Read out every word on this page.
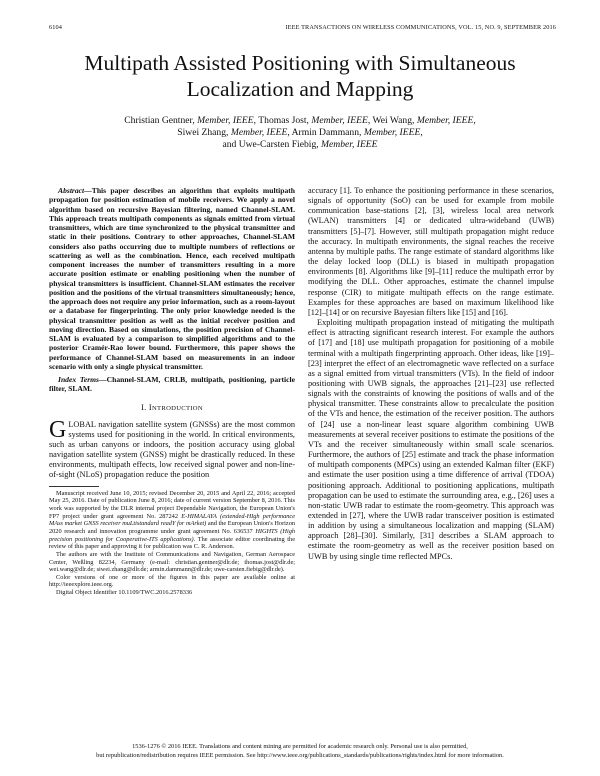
6104	IEEE TRANSACTIONS ON WIRELESS COMMUNICATIONS, VOL. 15, NO. 9, SEPTEMBER 2016
Multipath Assisted Positioning with Simultaneous
Localization and Mapping
Christian Gentner, Member, IEEE, Thomas Jost, Member, IEEE, Wei Wang, Member, IEEE,
Siwei Zhang, Member, IEEE, Armin Dammann, Member, IEEE,
and Uwe-Carsten Fiebig, Member, IEEE

Abstract—This paper describes an algorithm that exploits multipath propagation for position estimation of mobile receivers. We apply a novel algorithm based on recursive Bayesian filtering, named Channel-SLAM. This approach treats multipath components as signals emitted from virtual transmitters, which are time synchronized to the physical transmitter and static in their positions. Contrary to other approaches, Channel-SLAM considers also paths occurring due to multiple numbers of reflections or scattering as well as the combination. Hence, each received multipath component increases the number of transmitters resulting in a more accurate position estimate or enabling positioning when the number of physical transmitters is insufficient. Channel-SLAM estimates the receiver position and the positions of the virtual transmitters simultaneously; hence, the approach does not require any prior information, such as a room-layout or a database for fingerprinting. The only prior knowledge needed is the physical transmitter position as well as the initial receiver position and moving direction. Based on simulations, the position precision of Channel-SLAM is evaluated by a comparison to simplified algorithms and to the posterior Cramér-Rao lower bound. Furthermore, this paper shows the performance of Channel-SLAM based on measurements in an indoor scenario with only a single physical transmitter.

Index Terms—Channel-SLAM, CRLB, multipath, positioning, particle filter, SLAM.

I. INTRODUCTION

GLOBAL navigation satellite system (GNSSs) are the most common systems used for positioning in the world. In critical environments, such as urban canyons or indoors, the position accuracy using global navigation satellite system (GNSS) might be drastically reduced. In these environments, multipath effects, low received signal power and non-line-of-sight (NLoS) propagation reduce the position

Manuscript received June 10, 2015; revised December 20, 2015 and April 22, 2016; accepted May 25, 2016. Date of publication June 8, 2016; date of current version September 8, 2016. This work was supported by the DLR internal project Dependable Navigation, the European Union's FP7 project under grant agreement No. 287242 E-HIMALAYA (extended-HIgh performance MAss market GNSS receiver muLtistandard readY for mArket) and the European Union's Horizon 2020 research and innovation programme under grant agreement No. 636537 HIGHTS (High precision positioning for Cooperative-ITS applications). The associate editor coordinating the review of this paper and approving it for publication was C. R. Anderson.

The authors are with the Institute of Communications and Navigation, German Aerospace Center, Weßling 82234, Germany (e-mail: christian.gentner@dlr.de; thomas.jost@dlr.de; wei.wang@dlr.de; siwei.zhang@dlr.de; armin.dammann@dlr.de; uwe-carsten.fiebig@dlr.de).

Color versions of one or more of the figures in this paper are available online at http://ieeexplore.ieee.org.

Digital Object Identifier 10.1109/TWC.2016.2578336

accuracy [1]. To enhance the positioning performance in these scenarios, signals of opportunity (SoO) can be used for example from mobile communication base-stations [2], [3], wireless local area network (WLAN) transmitters [4] or dedicated ultra-wideband (UWB) transmitters [5]–[7]. However, still multipath propagation might reduce the accuracy. In multipath environments, the signal reaches the receive antenna by multiple paths. The range estimate of standard algorithms like the delay locked loop (DLL) is biased in multipath propagation environments [8]. Algorithms like [9]–[11] reduce the multipath error by modifying the DLL. Other approaches, estimate the channel impulse response (CIR) to mitigate multipath effects on the range estimate. Examples for these approaches are based on maximum likelihood like [12]–[14] or on recursive Bayesian filters like [15] and [16].

Exploiting multipath propagation instead of mitigating the multipath effect is attracting significant research interest. For example the authors of [17] and [18] use multipath propagation for positioning of a mobile terminal with a multipath fingerprinting approach. Other ideas, like [19]–[23] interpret the effect of an electromagnetic wave reflected on a surface as a signal emitted from virtual transmitters (VTs). In the field of indoor positioning with UWB signals, the approaches [21]–[23] use reflected signals with the constraints of knowing the positions of walls and of the physical transmitter. These constraints allow to precalculate the position of the VTs and hence, the estimation of the receiver position. The authors of [24] use a non-linear least square algorithm combining UWB measurements at several receiver positions to estimate the positions of the VTs and the receiver simultaneously within small scale scenarios. Furthermore, the authors of [25] estimate and track the phase information of multipath components (MPCs) using an extended Kalman filter (EKF) and estimate the user position using a time difference of arrival (TDOA) positioning approach. Additional to positioning applications, multipath propagation can be used to estimate the surrounding area, e.g., [26] uses a non-static UWB radar to estimate the room-geometry. This approach was extended in [27], where the UWB radar transceiver position is estimated in addition by using a simultaneous localization and mapping (SLAM) approach [28]–[30]. Similarly, [31] describes a SLAM approach to estimate the room-geometry as well as the receiver position based on UWB by using single time reflected MPCs.

1536-1276 © 2016 IEEE. Translations and content mining are permitted for academic research only. Personal use is also permitted,
but republication/redistribution requires IEEE permission. See http://www.ieee.org/publications_standards/publications/rights/index.html for more information.
